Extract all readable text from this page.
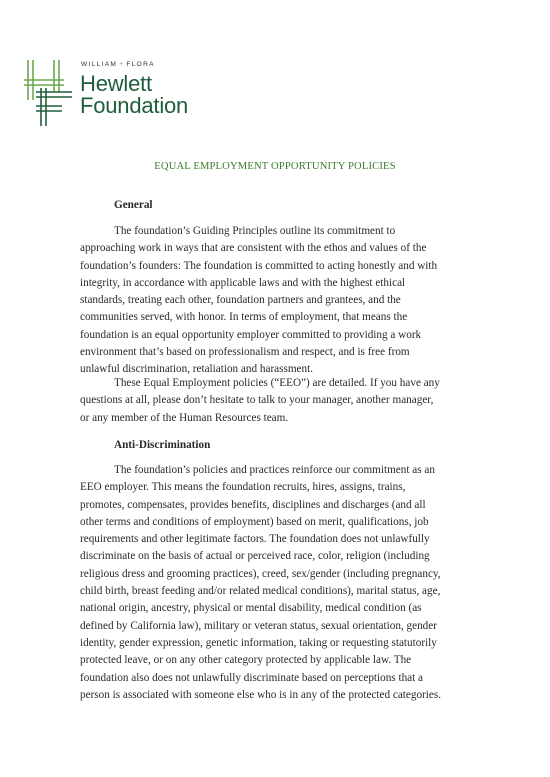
WILLIAM + FLORA
Hewlett
Foundation
EQUAL EMPLOYMENT OPPORTUNITY POLICIES
General
The foundation’s Guiding Principles outline its commitment to
approaching work in ways that are consistent with the ethos and values of the
foundation’s founders: The foundation is committed to acting honestly and with
integrity, in accordance with applicable laws and with the highest ethical
standards, treating each other, foundation partners and grantees, and the
communities served, with honor. In terms of employment, that means the
foundation is an equal opportunity employer committed to providing a work
environment that’s based on professionalism and respect, and is free from
unlawful discrimination, retaliation and harassment.
These Equal Employment policies (“EEO”) are detailed. If you have any
questions at all, please don’t hesitate to talk to your manager, another manager,
or any member of the Human Resources team.
Anti-Discrimination
The foundation’s policies and practices reinforce our commitment as an
EEO employer. This means the foundation recruits, hires, assigns, trains,
promotes, compensates, provides benefits, disciplines and discharges (and all
other terms and conditions of employment) based on merit, qualifications, job
requirements and other legitimate factors. The foundation does not unlawfully
discriminate on the basis of actual or perceived race, color, religion (including
religious dress and grooming practices), creed, sex/gender (including pregnancy,
child birth, breast feeding and/or related medical conditions), marital status, age,
national origin, ancestry, physical or mental disability, medical condition (as
defined by California law), military or veteran status, sexual orientation, gender
identity, gender expression, genetic information, taking or requesting statutorily
protected leave, or on any other category protected by applicable law. The
foundation also does not unlawfully discriminate based on perceptions that a
person is associated with someone else who is in any of the protected categories.
